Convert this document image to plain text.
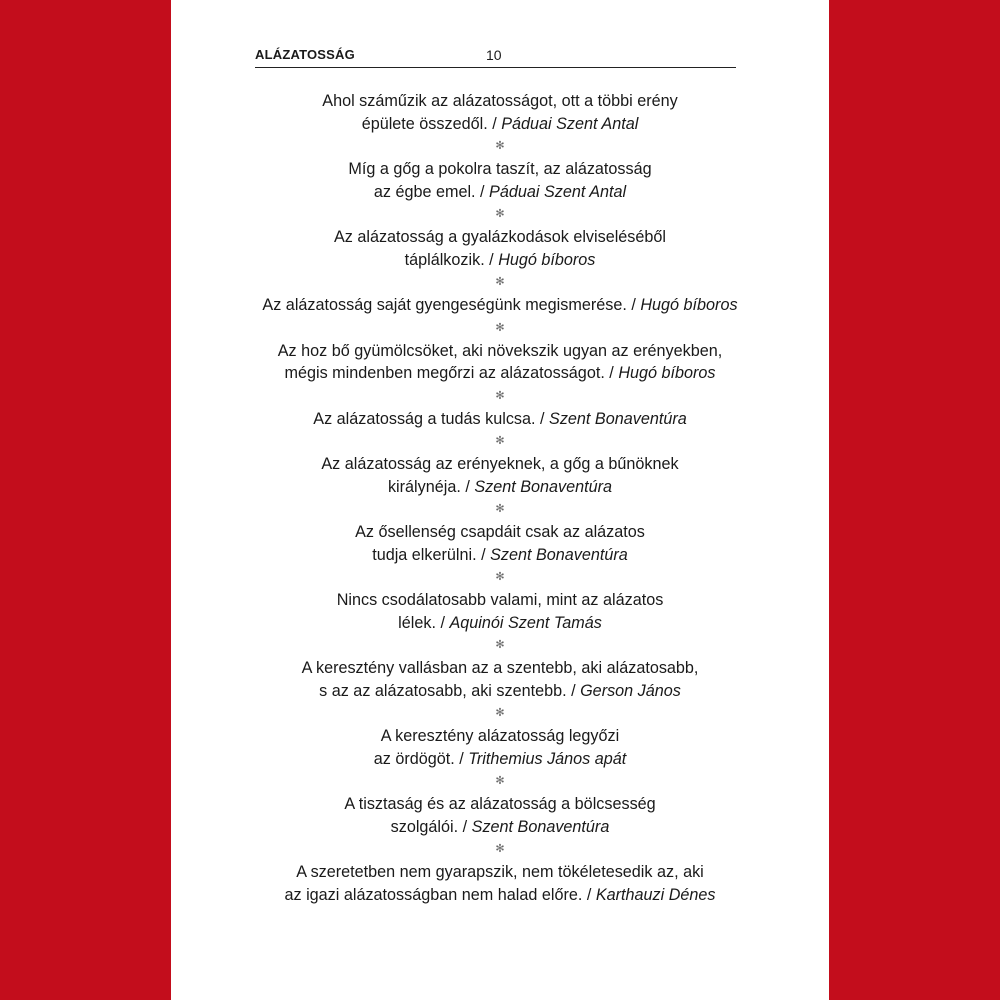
ALÁZATOSSÁG	10

Ahol száműzik az alázatosságot, ott a többi erény
épülete összedől. / Páduai Szent Antal

✻

Míg a gőg a pokolra taszít, az alázatosság
az égbe emel. / Páduai Szent Antal

✻

Az alázatosság a gyalázkodások elviseléséből
táplálkozik. / Hugó bíboros

✻

Az alázatosság saját gyengeségünk megismerése. / Hugó bíboros

✻

Az hoz bő gyümölcsöket, aki növekszik ugyan az erényekben,
mégis mindenben megőrzi az alázatosságot. / Hugó bíboros

✻

Az alázatosság a tudás kulcsa. / Szent Bonaventúra

✻

Az alázatosság az erényeknek, a gőg a bűnöknek
királynéja. / Szent Bonaventúra

✻

Az ősellenség csapdáit csak az alázatos
tudja elkerülni. / Szent Bonaventúra

✻

Nincs csodálatosabb valami, mint az alázatos
lélek. / Aquinói Szent Tamás

✻

A keresztény vallásban az a szentebb, aki alázatosabb,
s az az alázatosabb, aki szentebb. / Gerson János

✻

A keresztény alázatosság legyőzi
az ördögöt. / Trithemius János apát

✻

A tisztaság és az alázatosság a bölcsesség
szolgálói. / Szent Bonaventúra

✻

A szeretetben nem gyarapszik, nem tökéletesedik az, aki
az igazi alázatosságban nem halad előre. / Karthauzi Dénes
